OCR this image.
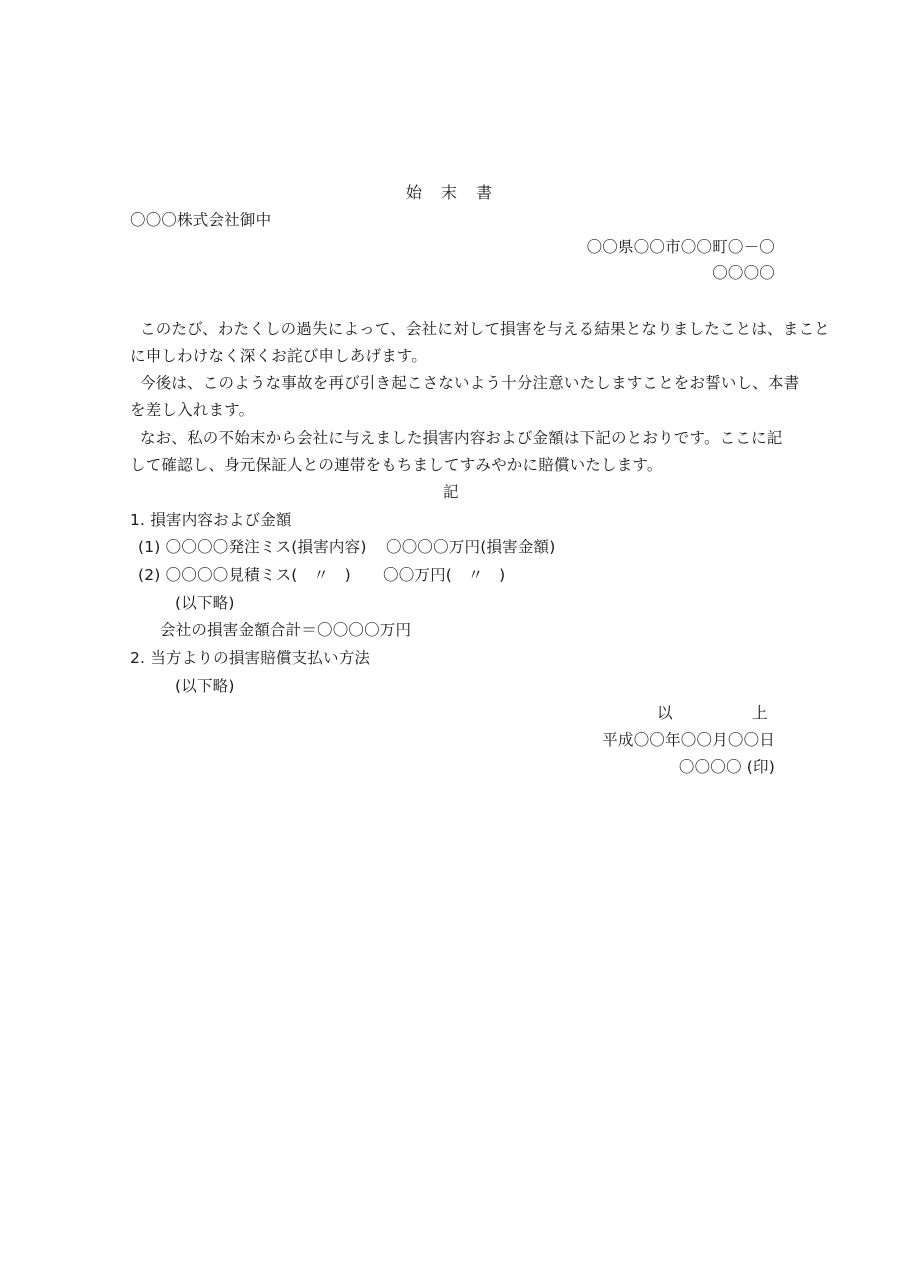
始 末 書
〇〇〇株式会社御中
〇〇県〇〇市〇〇町〇－〇
〇〇〇〇
このたび、わたくしの過失によって、会社に対して損害を与える結果となりましたことは、まこと
に申しわけなく深くお詫び申しあげます。
今後は、このような事故を再び引き起こさないよう十分注意いたしますことをお誓いし、本書
を差し入れます。
なお、私の不始末から会社に与えました損害内容および金額は下記のとおりです。ここに記
して確認し、身元保証人との連帯をもちましてすみやかに賠償いたします。
記
1. 損害内容および金額
(1) 〇〇〇〇発注ミス(損害内容) 〇〇〇〇万円(損害金額)
(2) 〇〇〇〇見積ミス(　〃　) 〇〇万円(　〃　)
(以下略)
会社の損害金額合計＝〇〇〇〇万円
2. 当方よりの損害賠償支払い方法
(以下略)
以	上
平成〇〇年〇〇月〇〇日
〇〇〇〇 (印)
